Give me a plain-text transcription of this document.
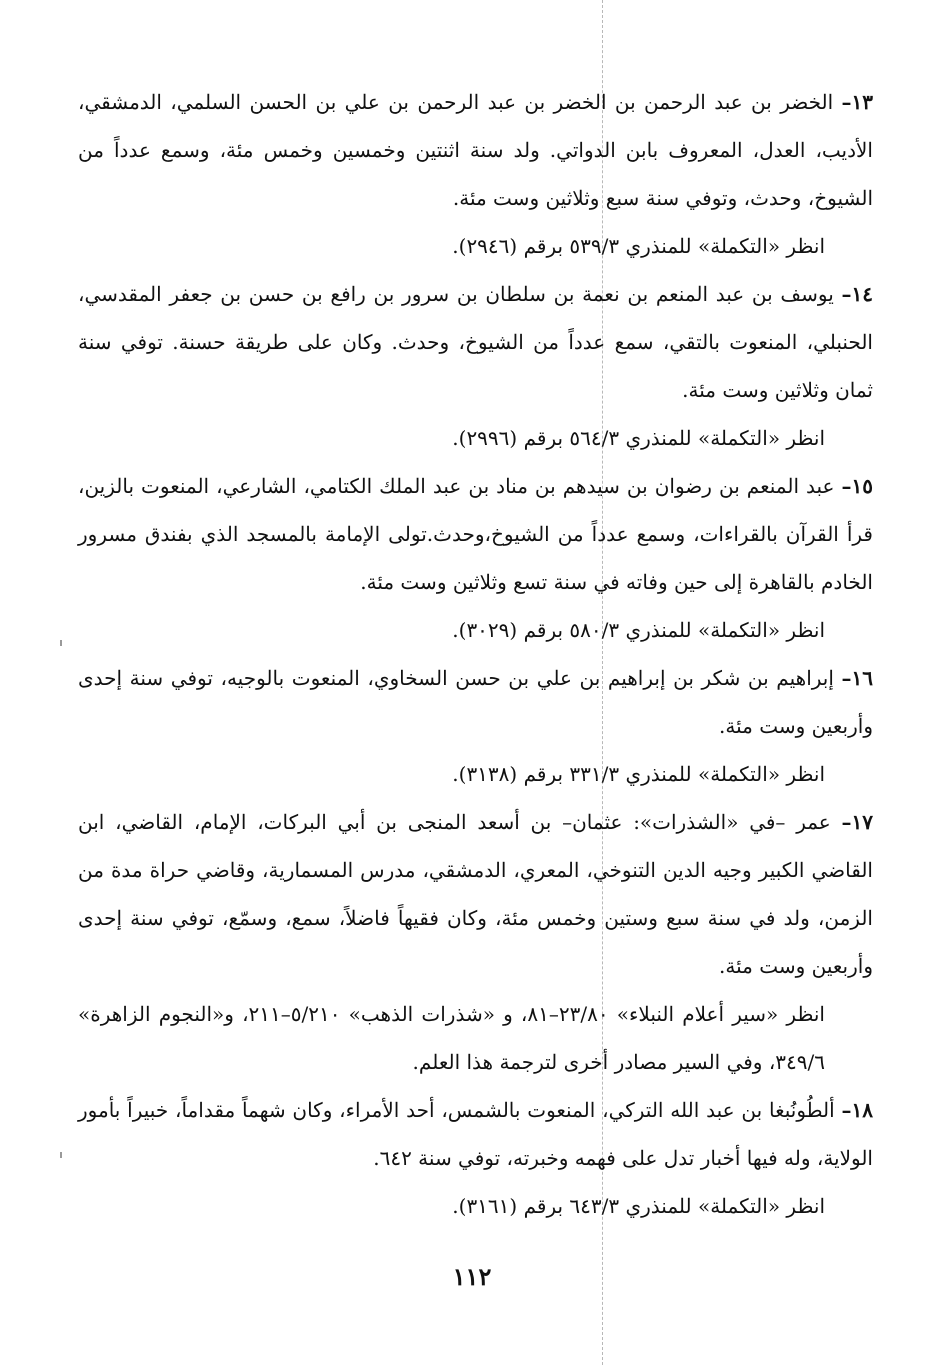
١٣– الخضر بن عبد الرحمن بن الخضر بن عبد الرحمن بن علي بن الحسن السلمي، الدمشقي، الأديب، العدل، المعروف بابن الدواتي. ولد سنة اثنتين وخمسين وخمس مئة، وسمع عدداً من الشيوخ، وحدث، وتوفي سنة سبع وثلاثين وست مئة.

انظر «التكملة» للمنذري ٥٣٩/٣ برقم (٢٩٤٦).

١٤– يوسف بن عبد المنعم بن نعمة بن سلطان بن سرور بن رافع بن حسن بن جعفر المقدسي، الحنبلي، المنعوت بالتقي، سمع عدداً من الشيوخ، وحدث. وكان على طريقة حسنة. توفي سنة ثمان وثلاثين وست مئة.

انظر «التكملة» للمنذري ٥٦٤/٣ برقم (٢٩٩٦).

١٥– عبد المنعم بن رضوان بن سيدهم بن مناد بن عبد الملك الكتامي، الشارعي، المنعوت بالزين، قرأ القرآن بالقراءات، وسمع عدداً من الشيوخ،وحدث.تولى الإمامة بالمسجد الذي بفندق مسرور الخادم بالقاهرة إلى حين وفاته في سنة تسع وثلاثين وست مئة.

انظر «التكملة» للمنذري ٥٨٠/٣ برقم (٣٠٢٩).

١٦– إبراهيم بن شكر بن إبراهيم بن علي بن حسن السخاوي، المنعوت بالوجيه، توفي سنة إحدى وأربعين وست مئة.

انظر «التكملة» للمنذري ٣٣١/٣ برقم (٣١٣٨).

١٧– عمر –في «الشذرات»: عثمان– بن أسعد المنجى بن أبي البركات، الإمام، القاضي، ابن القاضي الكبير وجيه الدين التنوخي، المعري، الدمشقي، مدرس المسمارية، وقاضي حراة مدة من الزمن، ولد في سنة سبع وستين وخمس مئة، وكان فقيهاً فاضلاً، سمع، وسمّع، توفي سنة إحدى وأربعين وست مئة.

انظر «سير أعلام النبلاء» ٢٣/٨٠–٨١، و «شذرات الذهب» ٥/٢١٠–٢١١، و«النجوم الزاهرة» ٣٤٩/٦، وفي السير مصادر أخرى لترجمة هذا العلم.

١٨– ألطُونُبغا بن عبد الله التركي، المنعوت بالشمس، أحد الأمراء، وكان شهماً مقداماً، خبيراً بأمور الولاية، وله فيها أخبار تدل على فهمه وخبرته، توفي سنة ٦٤٢.

انظر «التكملة» للمنذري ٦٤٣/٣ برقم (٣١٦١).

١١٢
